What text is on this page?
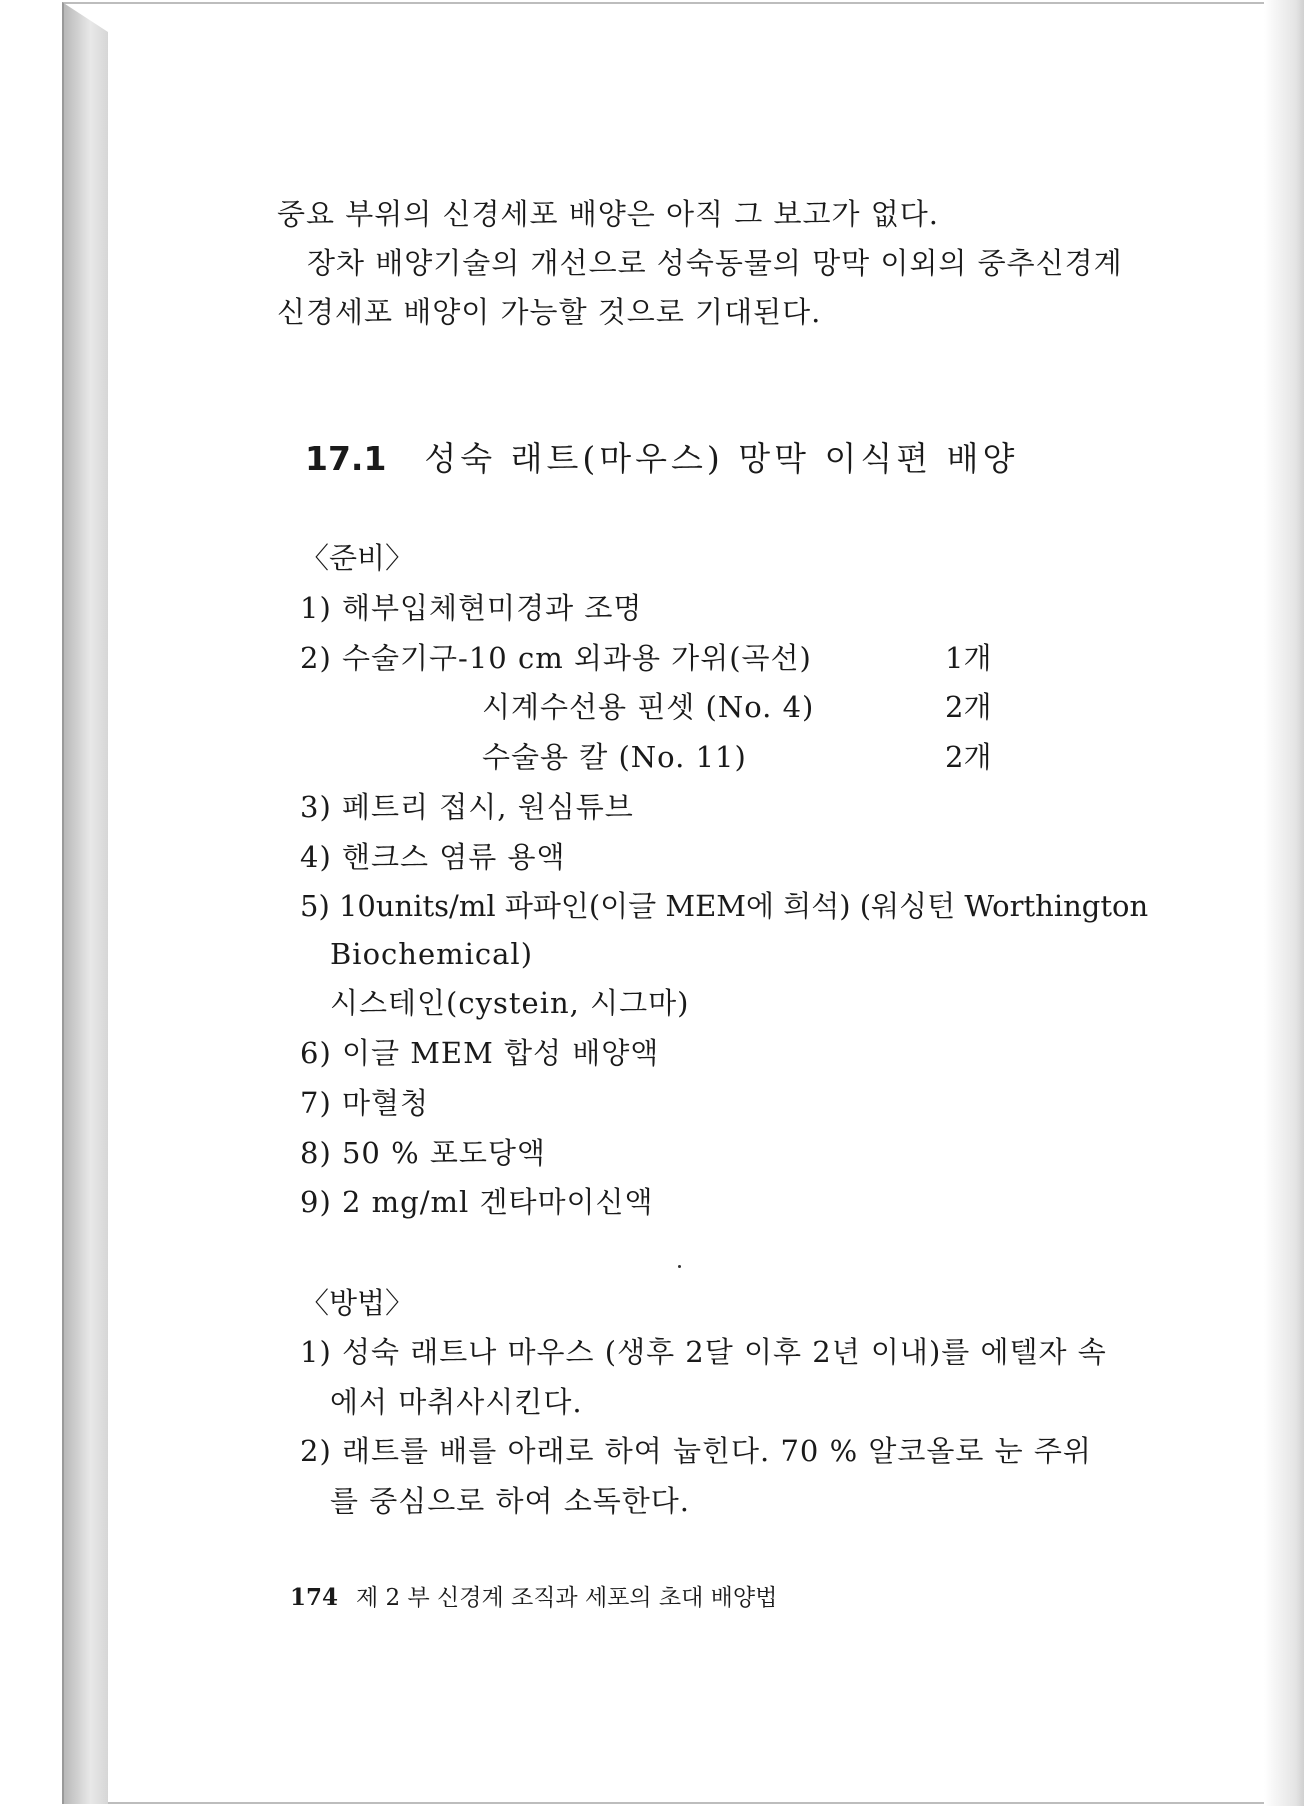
중요 부위의 신경세포 배양은 아직 그 보고가 없다.
장차 배양기술의 개선으로 성숙동물의 망막 이외의 중추신경계
신경세포 배양이 가능할 것으로 기대된다.
17.1 성숙 래트(마우스) 망막 이식편 배양
〈준비〉
1) 해부입체현미경과 조명
2) 수술기구-10 cm 외과용 가위(곡선)	1개
시계수선용 핀셋 (No. 4)	2개
수술용 칼 (No. 11)	2개
3) 페트리 접시, 원심튜브
4) 핸크스 염류 용액
5) 10units/ml 파파인(이글 MEM에 희석) (워싱턴 Worthington
Biochemical)
시스테인(cystein, 시그마)
6) 이글 MEM 합성 배양액
7) 마혈청
8) 50 % 포도당액
9) 2 mg/ml 겐타마이신액
〈방법〉
1) 성숙 래트나 마우스 (생후 2달 이후 2년 이내)를 에텔자 속
에서 마취사시킨다.
2) 래트를 배를 아래로 하여 눕힌다. 70 % 알코올로 눈 주위
를 중심으로 하여 소독한다.
174 제 2 부 신경계 조직과 세포의 초대 배양법
